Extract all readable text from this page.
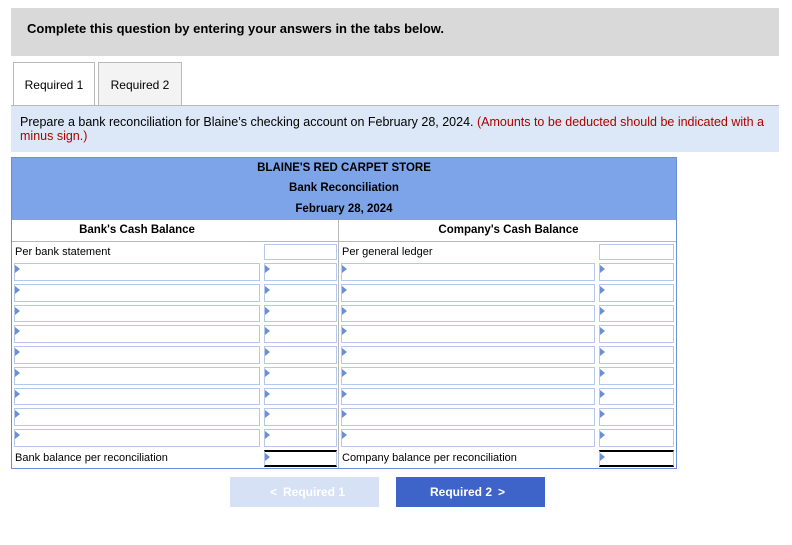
Complete this question by entering your answers in the tabs below.
Required 1	Required 2
Prepare a bank reconciliation for Blaine’s checking account on February 28, 2024. (Amounts to be deducted should be indicated with a minus sign.)
BLAINE'S RED CARPET STORE
Bank Reconciliation
February 28, 2024
Bank's Cash Balance	Company's Cash Balance
Per bank statement	Per general ledger
Bank balance per reconciliation	Company balance per reconciliation
< Required 1	Required 2 >
